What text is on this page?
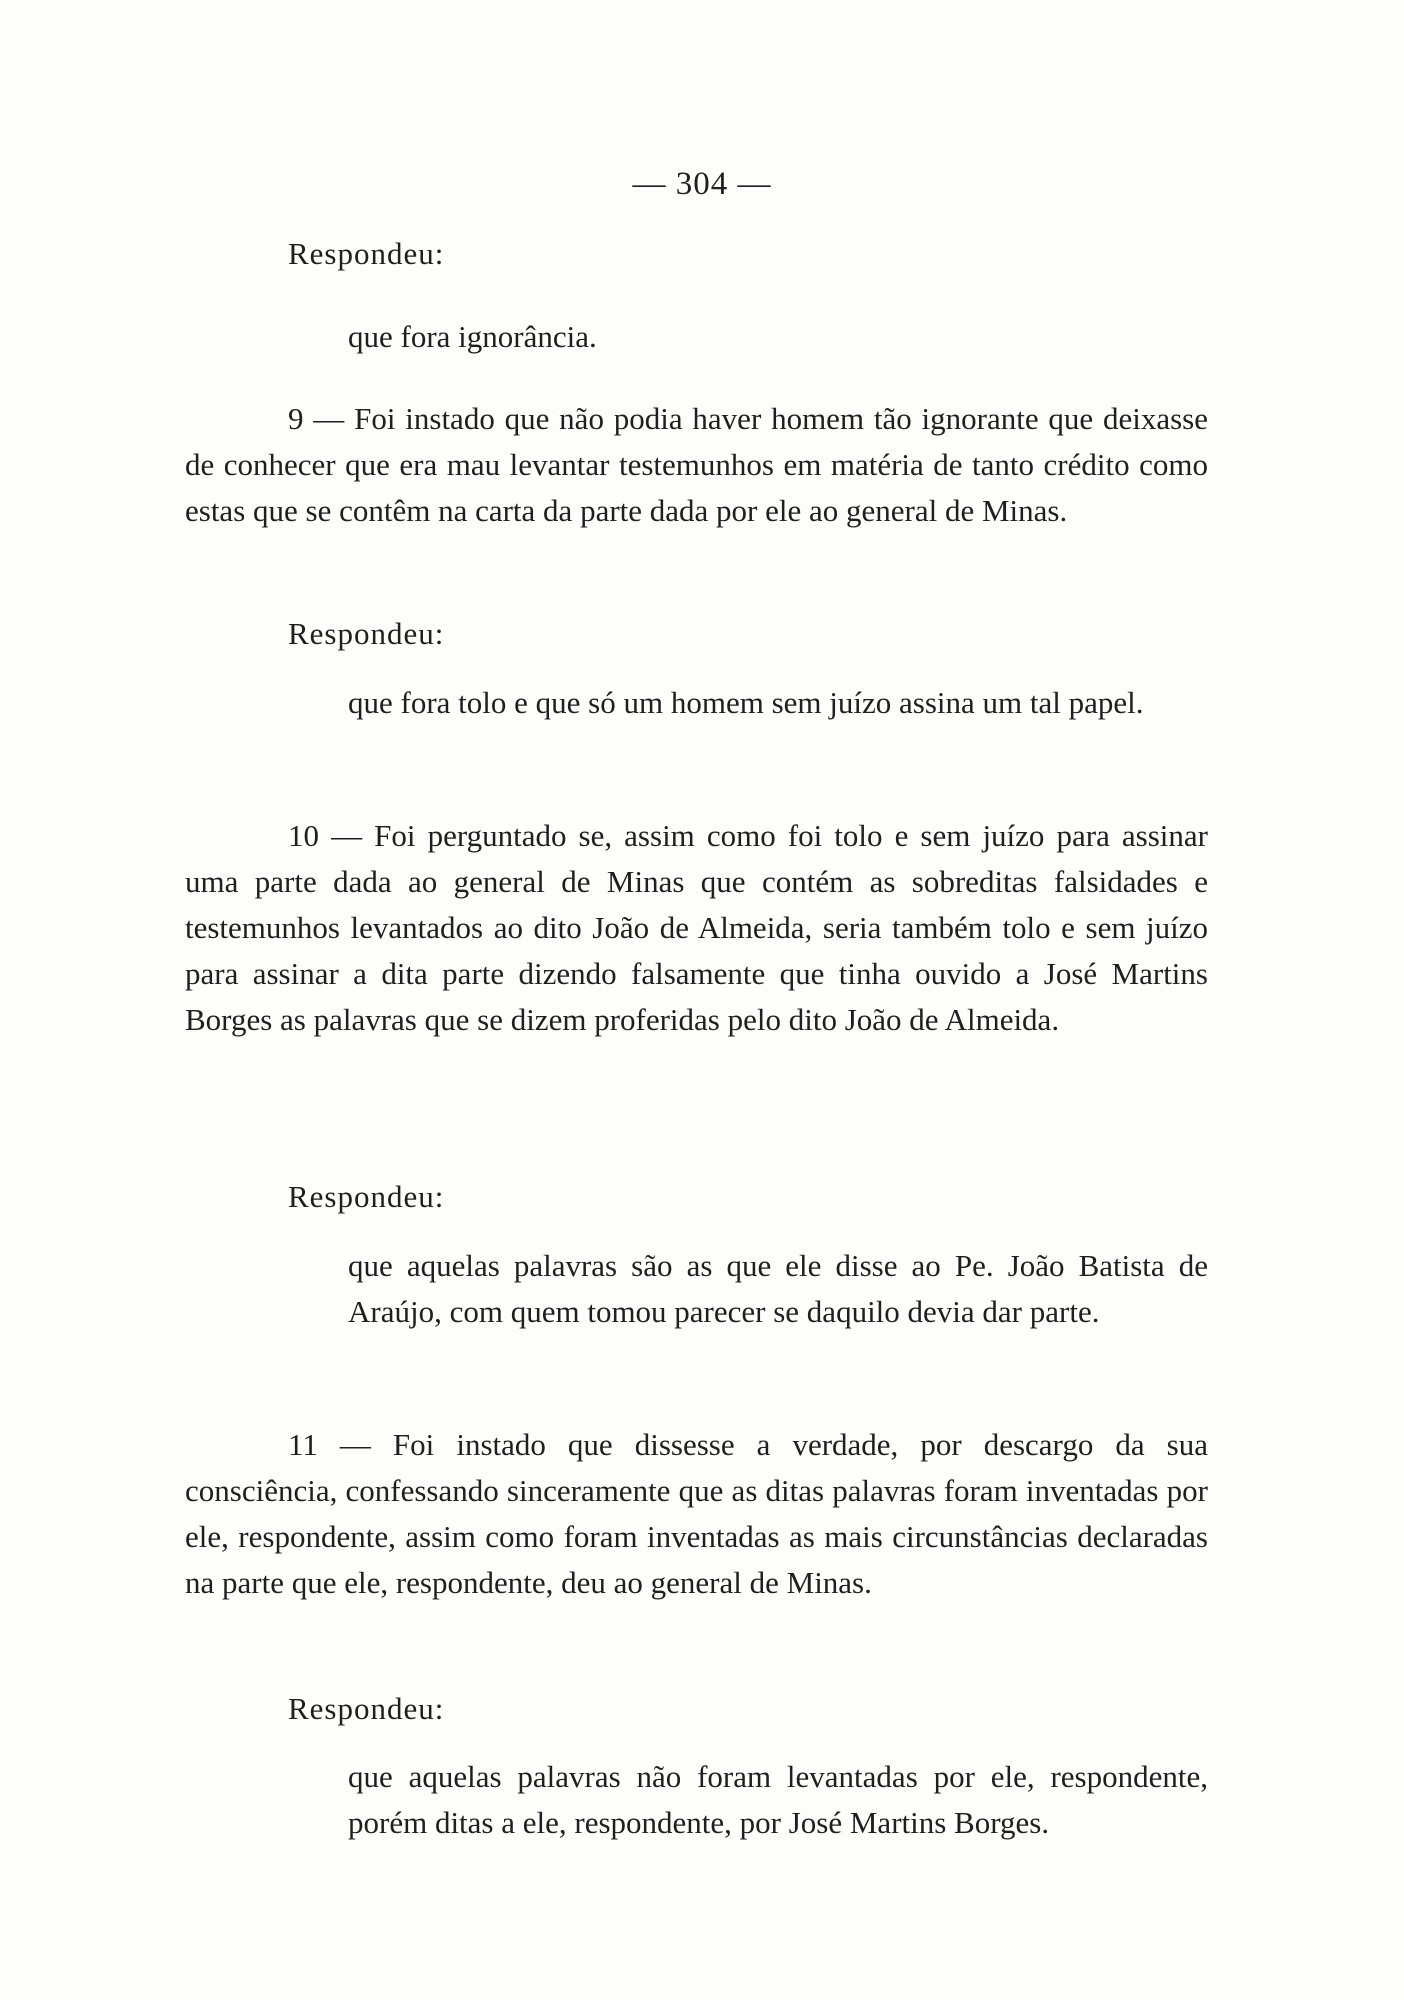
— 304 —
Respondeu:
que fora ignorância.
9 — Foi instado que não podia haver homem tão ignorante que deixasse de conhecer que era mau levantar testemunhos em matéria de tanto crédito como estas que se contêm na carta da parte dada por ele ao general de Minas.
Respondeu:
que fora tolo e que só um homem sem juízo assina um tal papel.
10 — Foi perguntado se, assim como foi tolo e sem juízo para assinar uma parte dada ao general de Minas que contém as sobreditas falsidades e testemunhos levantados ao dito João de Almeida, seria também tolo e sem juízo para assinar a dita parte dizendo falsamente que tinha ouvido a José Martins Borges as palavras que se dizem proferidas pelo dito João de Almeida.
Respondeu:
que aquelas palavras são as que ele disse ao Pe. João Batista de Araújo, com quem tomou parecer se daquilo devia dar parte.
11 — Foi instado que dissesse a verdade, por descargo da sua consciência, confessando sinceramente que as ditas palavras foram inventadas por ele, respondente, assim como foram inventadas as mais circunstâncias declaradas na parte que ele, respondente, deu ao general de Minas.
Respondeu:
que aquelas palavras não foram levantadas por ele, respondente, porém ditas a ele, respondente, por José Martins Borges.
